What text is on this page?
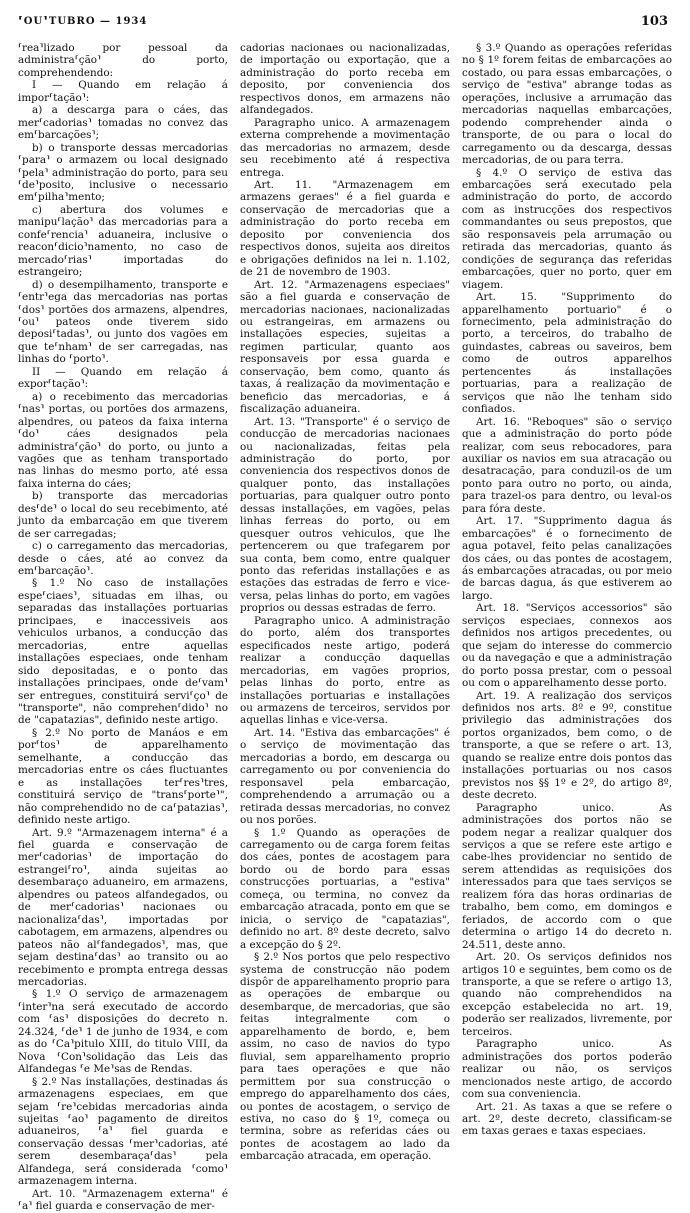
⸢OU⸣TUBRO — 1934	103

⸢rea⸣lizado por pessoal da administra⸢ção⸣ do porto, comprehendendo:

I — Quando em relação á impor⸢tação⸣:

a) a descarga para o cáes, das mer⸢cadorias⸣ tomadas no convez das em⸢barcações⸣;

b) o transporte dessas mercadorias ⸢para⸣ o armazem ou local designado ⸢pela⸣ administração do porto, para seu ⸢de⸣posito, inclusive o necessario em⸢pilha⸣mento;

c) abertura dos volumes e manipu⸢lação⸣ das mercadorias para a confe⸢rencia⸣ aduaneira, inclusive o reacon⸢dicio⸣namento, no caso de mercado⸢rias⸣ importadas do estrangeiro;

d) o desempilhamento, transporte e ⸢entr⸣ega das mercadorias nas portas ⸢dos⸣ portões dos armazens, alpendres, ⸢ou⸣ pateos onde tiverem sido deposi⸢tadas⸣, ou junto dos vagões em que te⸢nham⸣ de ser carregadas, nas linhas do ⸢porto⸣.

II — Quando em relação á expor⸢tação⸣:

a) o recebimento das mercadorias ⸢nas⸣ portas, ou portões dos armazens, alpendres, ou pateos da faixa interna ⸢do⸣ cáes designados pela administra⸢ção⸣ do porto, ou junto a vagões que as tenham transportado nas linhas do mesmo porto, até essa faixa interna do cáes;

b) transporte das mercadorias des⸢de⸣ o local do seu recebimento, até junto da embarcação em que tiverem de ser carregadas;

c) o carregamento das mercadorias, desde o cáes, até ao convez da em⸢barcação⸣.

§ 1.º No caso de installações espe⸢ciaes⸣, situadas em ilhas, ou separadas das installações portuarias principaes, e inaccessiveis aos vehiculos urbanos, a conducção das mercadorias, entre aquellas installações especiaes, onde tenham sido depositadas, e o ponto das installações principaes, onde de⸢vam⸣ ser entregues, constituirá servi⸢ço⸣ de "transporte", não comprehen⸢dido⸣ no de "capatazias", definido neste artigo.

§ 2.º No porto de Manáos e em por⸢tos⸣ de apparelhamento semelhante, a conducção das mercadorias entre os cáes fluctuantes e as installações ter⸢res⸣tres, constituirá serviço de "trans⸢porte⸣", não comprehendido no de ca⸢patazias⸣, definido neste artigo.

Art. 9.º "Armazenagem interna" é a fiel guarda e conservação de mer⸢cadorias⸣ de importação do estrangei⸢ro⸣, ainda sujeitas ao desembaraço aduaneiro, em armazens, alpendres ou pateos alfandegados, ou de mer⸢cadorias⸣ nacionaes ou nacionaliza⸢das⸣, importadas por cabotagem, em armazens, alpendres ou pateos não al⸢fandegados⸣, mas, que sejam destina⸢das⸣ ao transito ou ao recebimento e prompta entrega dessas mercadorias.

§ 1.º O serviço de armazenagem ⸢inter⸣na será executado de accordo com ⸢as⸣ disposições do decreto n. 24.324, ⸢de⸣ 1 de junho de 1934, e com as do ⸢Ca⸣pitulo XIII, do titulo VIII, da Nova ⸢Con⸣solidação das Leis das Alfandegas ⸢e Me⸣sas de Rendas.

§ 2.º Nas installações, destinadas ás armazenagens especiaes, em que sejam ⸢re⸣cebidas mercadorias ainda sujeitas ⸢ao⸣ pagamento de direitos aduaneiros, ⸢a⸣ fiel guarda e conservação dessas ⸢mer⸣cadorias, até serem desembaraça⸢das⸣ pela Alfandega, será considerada ⸢como⸣ armazenagem interna.

Art. 10. "Armazenagem externa" é ⸢a⸣ fiel guarda e conservação de mer-

cadorias nacionaes ou nacionalizadas, de importação ou exportação, que a administração do porto receba em deposito, por conveniencia dos respectivos donos, em armazens não alfandegados.

Paragrapho unico. A armazenagem externa comprehende a movimentação das mercadorias no armazem, desde seu recebimento até á respectiva entrega.

Art. 11. "Armazenagem em armazens geraes" é a fiel guarda e conservação de mercadorias que a administração do porto receba em deposito por conveniencia dos respectivos donos, sujeita aos direitos e obrigações definidos na lei n. 1.102, de 21 de novembro de 1903.

Art. 12. "Armazenagens especiaes" são a fiel guarda e conservação de mercadorias nacionaes, nacionalizadas ou estrangeiras, em armazens ou installações especies, sujeitas a regimen particular, quanto aos responsaveis por essa guarda e conservação, bem como, quanto ás taxas, á realização da movimentação e beneficio das mercadorias, e á fiscalização aduaneira.

Art. 13. "Transporte" é o serviço de conducção de mercadorias nacionaes ou nacionalizadas, feitas pela administração do porto, por conveniencia dos respectivos donos de qualquer ponto, das installações portuarias, para qualquer outro ponto dessas installações, em vagões, pelas linhas ferreas do porto, ou em quesquer outros vehiculos, que lhe pertencerem ou que trafegarem por sua conta, bem como, entre qualquer ponto das referidas installações e as estações das estradas de ferro e vice-versa, pelas linhas do porto, em vagões proprios ou dessas estradas de ferro.

Paragrapho unico. A administração do porto, além dos transportes especificados neste artigo, poderá realizar a conducção daquellas mercadorias, em vagões proprios, pelas linhas do porto, entre as installações portuarias e installações ou armazens de terceiros, servidos por aquellas linhas e vice-versa.

Art. 14. "Estiva das embarcações" é o serviço de movimentação das mercadorias a bordo, em descarga ou carregamento ou por conveniencia do responsavel pela embarcação, comprehendendo a arrumação ou a retirada dessas mercadorias, no convez ou nos porões.

§ 1.º Quando as operações de carregamento ou de carga forem feitas dos cáes, pontes de acostagem para bordo ou de bordo para essas construcções portuarias, a "estiva" começa, ou termina, no convez da embarcação atracada, ponto em que se inicia, o serviço de "capatazias", definido no art. 8º deste decreto, salvo a excepção do § 2º.

§ 2.º Nos portos que pelo respectivo systema de construcção não podem dispôr de apparelhamento proprio para as operações de embarque ou desembarque, de mercadorias, que são feitas integralmente com o apparelhamento de bordo, e, bem assim, no caso de navios do typo fluvial, sem apparelhamento proprio para taes operações e que não permittem por sua construcção o emprego do apparelhamento dos cáes, ou pontes de acostagem, o serviço de estiva, no caso do § 1º, começa ou termina, sobre as referidas cáes ou pontes de acostagem ao lado da embarcação atracada, em operação.

§ 3.º Quando as operações referidas no § 1º forem feitas de embarcações ao costado, ou para essas embarcações, o serviço de "estiva" abrange todas as operações, inclusive a arrumação das mercadorias naquellas embarcações, podendo comprehender ainda o transporte, de ou para o local do carregamento ou da descarga, dessas mercadorias, de ou para terra.

§ 4.º O serviço de estiva das embarcações será executado pela administração do porto, de accordo com as instrucções dos respectivos commandantes ou seus prepostos, que são responsaveis pela arrumação ou retirada das mercadorias, quanto ás condições de segurança das referidas embarcações, quer no porto, quer em viagem.

Art. 15. "Supprimento do apparelhamento portuario" é o fornecimento, pela administração do porto, a terceiros, do trabalho de guindastes, cabreas ou saveiros, bem como de outros apparelhos pertencentes ás installações portuarias, para a realização de serviços que não lhe tenham sido confiados.

Art. 16. "Reboques" são o serviço que a administração do porto póde realizar, com seus rebocadores, para auxiliar os navios em sua atracação ou desatracação, para conduzil-os de um ponto para outro no porto, ou ainda, para trazel-os para dentro, ou leval-os para fóra deste.

Art. 17. "Supprimento dagua ás embarcações" é o fornecimento de agua potavel, feito pelas canalizações dos cáes, ou das pontes de acostagem, ás embarcações atracadas, ou por meio de barcas dagua, ás que estiverem ao largo.

Art. 18. "Serviços accessorios" são serviços especiaes, connexos aos definidos nos artigos precedentes, ou que sejam do interesse do commercio ou da navegação e que a administração do porto possa prestar, com o pessoal ou com o apparelhamento desse porto.

Art. 19. A realização dos serviços definidos nos arts. 8º e 9º, constitue privilegio das administrações dos portos organizados, bem como, o de transporte, a que se refere o art. 13, quando se realize entre dois pontos das installações portuarias ou nos casos previstos nos §§ 1º e 2º, do artigo 8º, deste decreto.

Paragrapho unico. As administrações dos portos não se podem negar a realizar qualquer dos serviços a que se refere este artigo e cabe-lhes providenciar no sentido de serem attendidas as requisições dos interessados para que taes serviços se realizem fóra das horas ordinarias de trabalho, bem como, em domingos e feriados, de accordo com o que determina o artigo 14 do decreto n. 24.511, deste anno.

Art. 20. Os serviços definidos nos artigos 10 e seguintes, bem como os de transporte, a que se refere o artigo 13, quando não comprehendidos na excepção estabelecida no art. 19, poderão ser realizados, livremente, por terceiros.

Paragrapho unico. As administrações dos portos poderão realizar ou não, os serviços mencionados neste artigo, de accordo com sua conveniencia.

Art. 21. As taxas a que se refere o art. 2º, deste decreto, classificam-se em taxas geraes e taxas especiaes.
